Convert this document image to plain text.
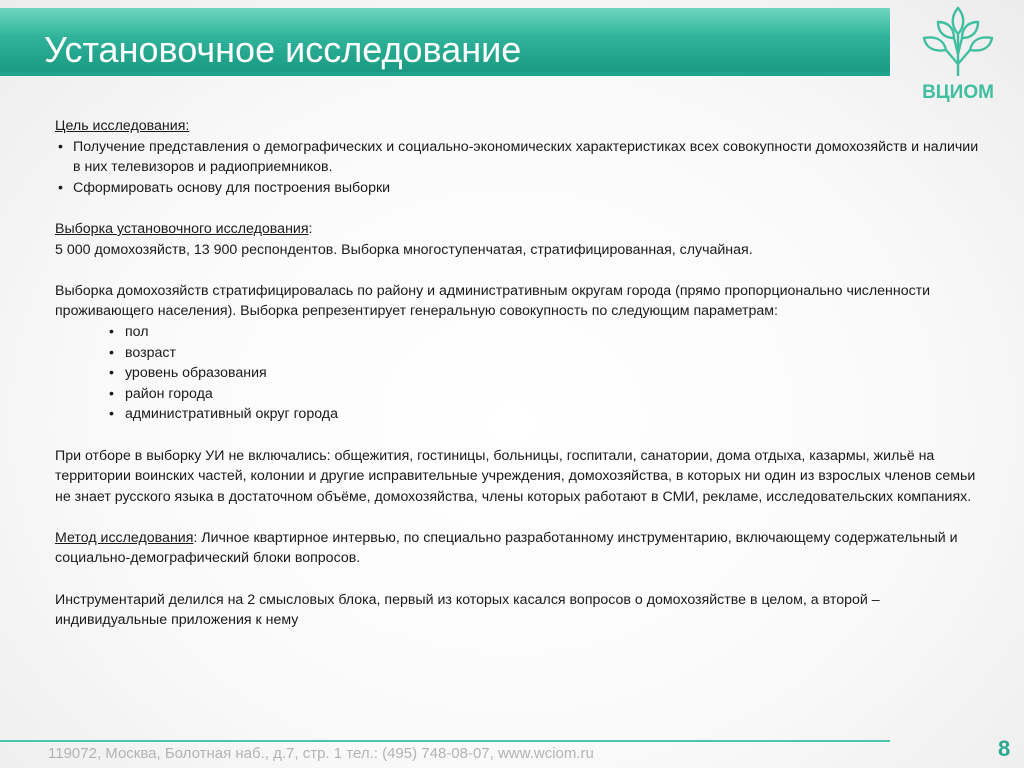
Установочное исследование
ВЦИОМ
Цель исследования:
• Получение представления о демографических и социально-экономических характеристиках всех совокупности домохозяйств и наличии в них телевизоров и радиоприемников.
• Сформировать основу для построения выборки
Выборка установочного исследования:
5 000 домохозяйств, 13 900 респондентов. Выборка многоступенчатая, стратифицированная, случайная.
Выборка домохозяйств стратифицировалась по району и административным округам города (прямо пропорционально численности проживающего населения). Выборка репрезентирует генеральную совокупность по следующим параметрам:
• пол
• возраст
• уровень образования
• район города
• административный округ города
При отборе в выборку УИ не включались: общежития, гостиницы, больницы, госпитали, санатории, дома отдыха, казармы, жильё на территории воинских частей, колонии и другие исправительные учреждения, домохозяйства, в которых ни один из взрослых членов семьи не знает русского языка в достаточном объёме, домохозяйства, члены которых работают в СМИ, рекламе, исследовательских компаниях.
Метод исследования: Личное квартирное интервью, по специально разработанному инструментарию, включающему содержательный и социально-демографический блоки вопросов.
Инструментарий делился на 2 смысловых блока, первый из которых касался вопросов о домохозяйстве в целом, а второй – индивидуальные приложения к нему
119072, Москва, Болотная наб., д.7, стр. 1 тел.: (495) 748-08-07, www.wciom.ru	8
